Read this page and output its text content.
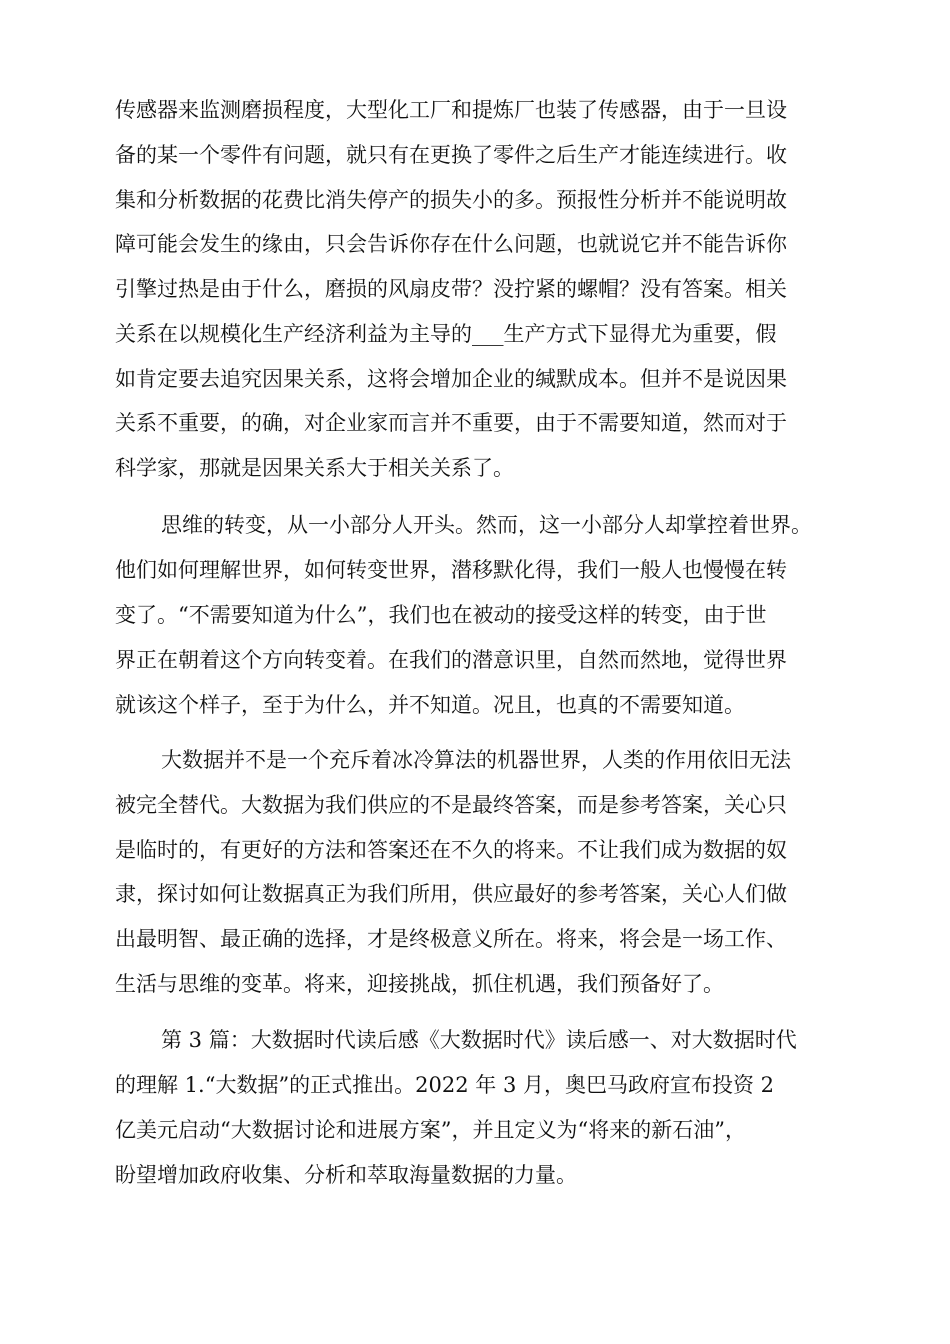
传感器来监测磨损程度，大型化工厂和提炼厂也装了传感器，由于一旦设
备的某一个零件有问题，就只有在更换了零件之后生产才能连续进行。收
集和分析数据的花费比消失停产的损失小的多。预报性分析并不能说明故
障可能会发生的缘由，只会告诉你存在什么问题，也就说它并不能告诉你
引擎过热是由于什么，磨损的风扇皮带？没拧紧的螺帽？没有答案。相关
关系在以规模化生产经济利益为主导的___生产方式下显得尤为重要，假
如肯定要去追究因果关系，这将会增加企业的缄默成本。但并不是说因果
关系不重要，的确，对企业家而言并不重要，由于不需要知道，然而对于
科学家，那就是因果关系大于相关关系了。
思维的转变，从一小部分人开头。然而，这一小部分人却掌控着世界。
他们如何理解世界，如何转变世界，潜移默化得，我们一般人也慢慢在转
变了。“不需要知道为什么”，我们也在被动的接受这样的转变，由于世
界正在朝着这个方向转变着。在我们的潜意识里，自然而然地，觉得世界
就该这个样子，至于为什么，并不知道。况且，也真的不需要知道。
大数据并不是一个充斥着冰冷算法的机器世界，人类的作用依旧无法
被完全替代。大数据为我们供应的不是最终答案，而是参考答案，关心只
是临时的，有更好的方法和答案还在不久的将来。不让我们成为数据的奴
隶，探讨如何让数据真正为我们所用，供应最好的参考答案，关心人们做
出最明智、最正确的选择，才是终极意义所在。将来，将会是一场工作、
生活与思维的变革。将来，迎接挑战，抓住机遇，我们预备好了。
第 3 篇：大数据时代读后感《大数据时代》读后感一、对大数据时代
的理解 1.“大数据”的正式推出。2022 年 3 月，奥巴马政府宣布投资 2
亿美元启动“大数据讨论和进展方案”，并且定义为“将来的新石油”，
盼望增加政府收集、分析和萃取海量数据的力量。
